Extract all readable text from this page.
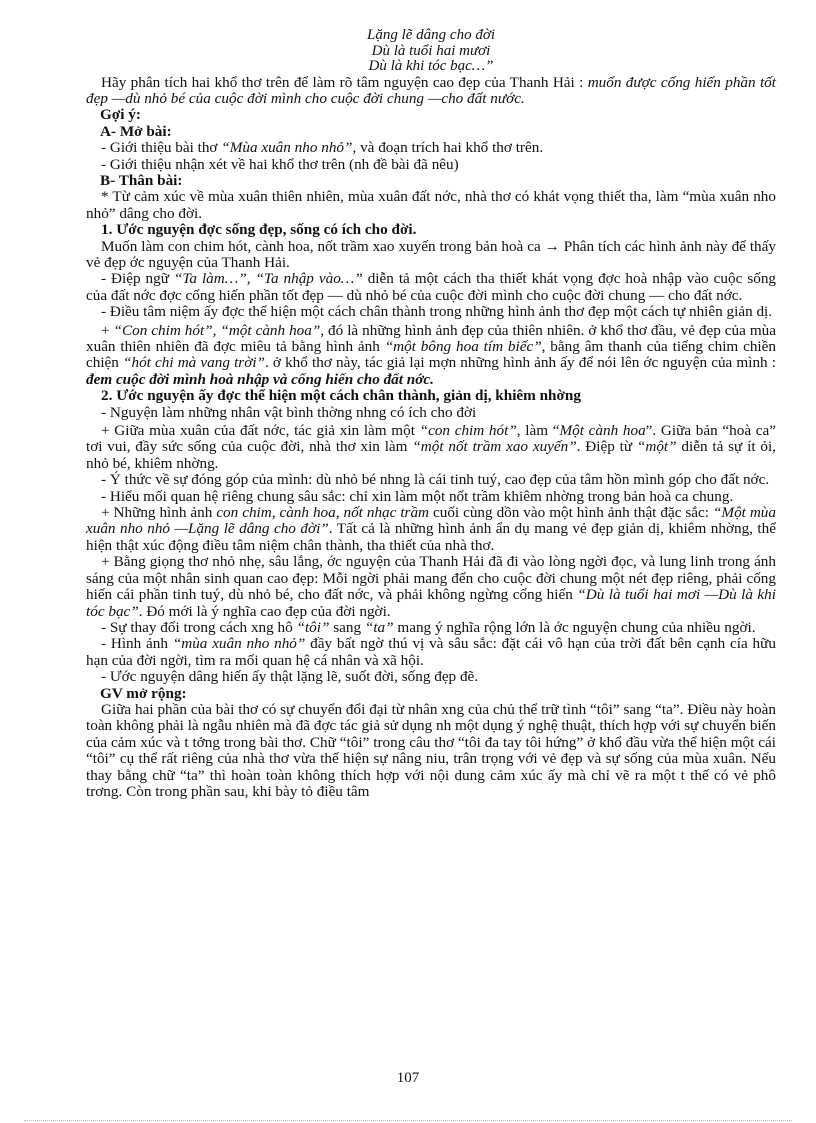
Lặng lẽ dâng cho đời
Dù là tuổi hai mươi
Dù là khi tóc bạc…”

Hãy phân tích hai khổ thơ trên để làm rõ tâm nguyện cao đẹp của Thanh Hải : muốn được cống hiến phần tốt đẹp —dù nhỏ bé của cuộc đời mình cho cuộc đời chung —cho đất nước.

Gợi ý:

A- Mở bài:

- Giới thiệu bài thơ “Mùa xuân nho nhỏ”, và đoạn trích hai khổ thơ trên.

- Giới thiệu nhận xét về hai khổ thơ trên (nh đề bài đã nêu)

B- Thân bài:

* Từ cảm xúc về mùa xuân thiên nhiên, mùa xuân đất nớc, nhà thơ có khát vọng thiết tha, làm “mùa xuân nho nhỏ” dâng cho đời.

1. Ước nguyện đợc sống đẹp, sống có ích cho đời.

Muốn làm con chim hót, cành hoa, nốt trầm xao xuyến trong bản hoà ca → Phân tích các hình ảnh này để thấy vẻ đẹp ớc nguyện của Thanh Hải.

- Điệp ngữ “Ta làm…”, “Ta nhập vào…” diễn tả một cách tha thiết khát vọng đợc hoà nhập vào cuộc sống của đất nớc đợc cống hiến phần tốt đẹp — dù nhỏ bé của cuộc đời mình cho cuộc đời chung — cho đất nớc.

- Điều tâm niệm ấy đợc thể hiện một cách chân thành trong những hình ảnh thơ đẹp một cách tự nhiên giản dị.

+ “Con chim hót”, “một cành hoa”, đó là những hình ảnh đẹp của thiên nhiên. ở khổ thơ đầu, vẻ đẹp của mùa xuân thiên nhiên đã đợc miêu tả bằng hình ảnh “một bông hoa tím biếc”, bằng âm thanh của tiếng chim chiền chiện “hót chi mà vang trời”. ở khổ thơ này, tác giả lại mợn những hình ảnh ấy để nói lên ớc nguyện của mình : đem cuộc đời mình hoà nhập và cống hiến cho đất nớc.

2. Ước nguyện ấy đợc thể hiện một cách chân thành, giản dị, khiêm nhờng

- Nguyện làm những nhân vật bình thờng nhng có ích cho đời

+ Giữa mùa xuân của đất nớc, tác giả xin làm một “con chim hót”, làm “Một cành hoa”. Giữa bản “hoà ca” tơi vui, đầy sức sống của cuộc đời, nhà thơ xin làm “một nốt trầm xao xuyến”. Điệp từ “một” diễn tả sự ít ỏi, nhỏ bé, khiêm nhờng.

- Ý thức về sự đóng góp của mình: dù nhỏ bé nhng là cái tinh tuý, cao đẹp của tâm hồn mình góp cho đất nớc.

- Hiểu mối quan hệ riêng chung sâu sắc: chỉ xin làm một nốt trầm khiêm nhờng trong bản hoà ca chung.

+ Những hình ảnh con chim, cành hoa, nốt nhạc trầm cuối cùng dồn vào một hình ảnh thật đặc sắc: “Một mùa xuân nho nhỏ —Lặng lẽ dâng cho đời”. Tất cả là những hình ảnh ẩn dụ mang vẻ đẹp giản dị, khiêm nhờng, thể hiện thật xúc động điều tâm niệm chân thành, tha thiết của nhà thơ.

+ Bằng giọng thơ nhỏ nhẹ, sâu lắng, ớc nguyện của Thanh Hải đã đi vào lòng ngời đọc, và lung linh trong ánh sáng của một nhân sinh quan cao đẹp: Mỗi ngời phải mang đến cho cuộc đời chung một nét đẹp riêng, phải cống hiến cái phần tinh tuý, dù nhỏ bé, cho đất nớc, và phải không ngừng cống hiến “Dù là tuổi hai mơi —Dù là khi tóc bạc”. Đó mới là ý nghĩa cao đẹp của đời ngời.

- Sự thay đổi trong cách xng hô “tôi” sang “ta” mang ý nghĩa rộng lớn là ớc nguyện chung của nhiều ngời.

- Hình ảnh “mùa xuân nho nhỏ” đầy bất ngờ thú vị và sâu sắc: đặt cái vô hạn của trời đất bên cạnh cía hữu hạn của đời ngời, tìm ra mối quan hệ cá nhân và xã hội.

- Ước nguyện dâng hiến ấy thật lặng lẽ, suốt đời, sống đẹp đẽ.

GV mở rộng:

Giữa hai phần của bài thơ có sự chuyển đổi đại từ nhân xng của chủ thể trữ tình “tôi” sang “ta”. Điều này hoàn toàn không phải là ngẫu nhiên mà đã đợc tác giả sử dụng nh một dụng ý nghệ thuật, thích hợp với sự chuyển biến của cảm xúc và t tởng trong bài thơ. Chữ “tôi” trong câu thơ “tôi đa tay tôi hứng” ở khổ đầu vừa thể hiện một cái “tôi” cụ thể rất riêng của nhà thơ vừa thể hiện sự nâng niu, trân trọng với vẻ đẹp và sự sống của mùa xuân. Nếu thay bằng chữ “ta” thì hoàn toàn không thích hợp với nội dung cảm xúc ấy mà chỉ vẽ ra một t thế có vẻ phô trơng. Còn trong phần sau, khi bày tỏ điều tâm

107
